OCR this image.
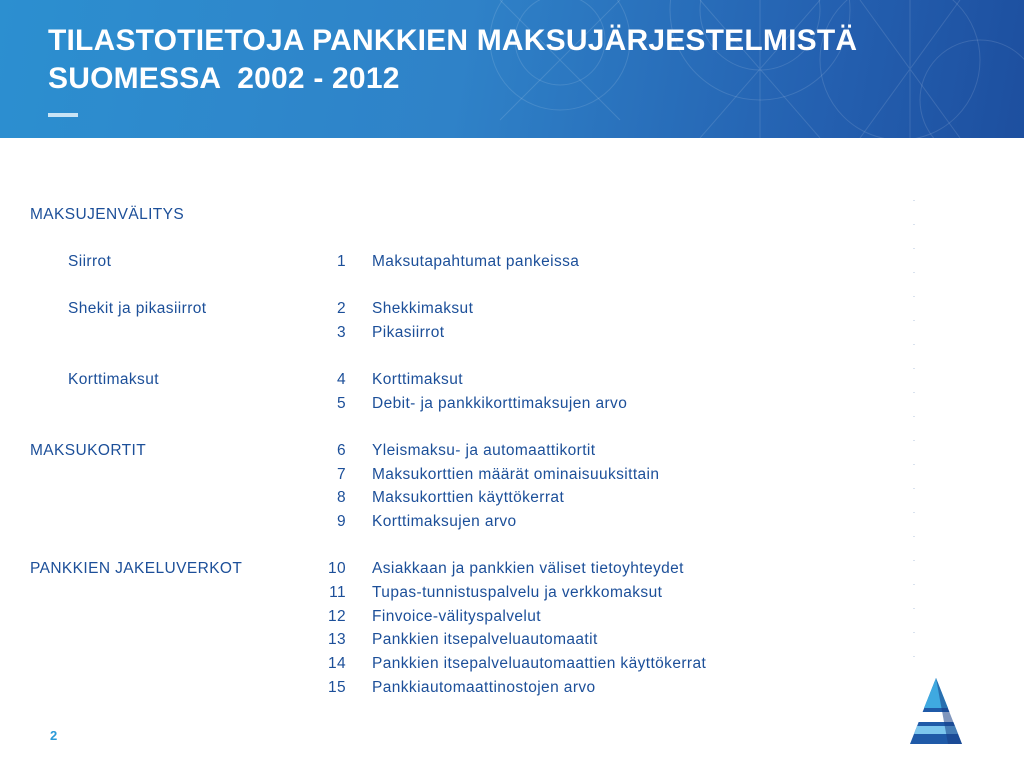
TILASTOTIETOJA PANKKIEN MAKSUJÄRJESTELMISTÄ
SUOMESSA  2002 - 2012
MAKSUJENVÄLITYS
Siirrot	1 Maksutapahtumat pankeissa
Shekit ja pikasiirrot	2 Shekkimaksut
3 Pikasiirrot
Korttimaksut	4 Korttimaksut
5 Debit- ja pankkikorttimaksujen arvo
MAKSUKORTIT	6 Yleismaksu- ja automaattikortit
7 Maksukorttien määrät ominaisuuksittain
8 Maksukorttien käyttökerrat
9 Korttimaksujen arvo
PANKKIEN JAKELUVERKOT	10 Asiakkaan ja pankkien väliset tietoyhteydet
11 Tupas-tunnistuspalvelu ja verkkomaksut
12 Finvoice-välityspalvelut
13 Pankkien itsepalveluautomaatit
14 Pankkien itsepalveluautomaattien käyttökerrat
15 Pankkiautomaattinostojen arvo
2
